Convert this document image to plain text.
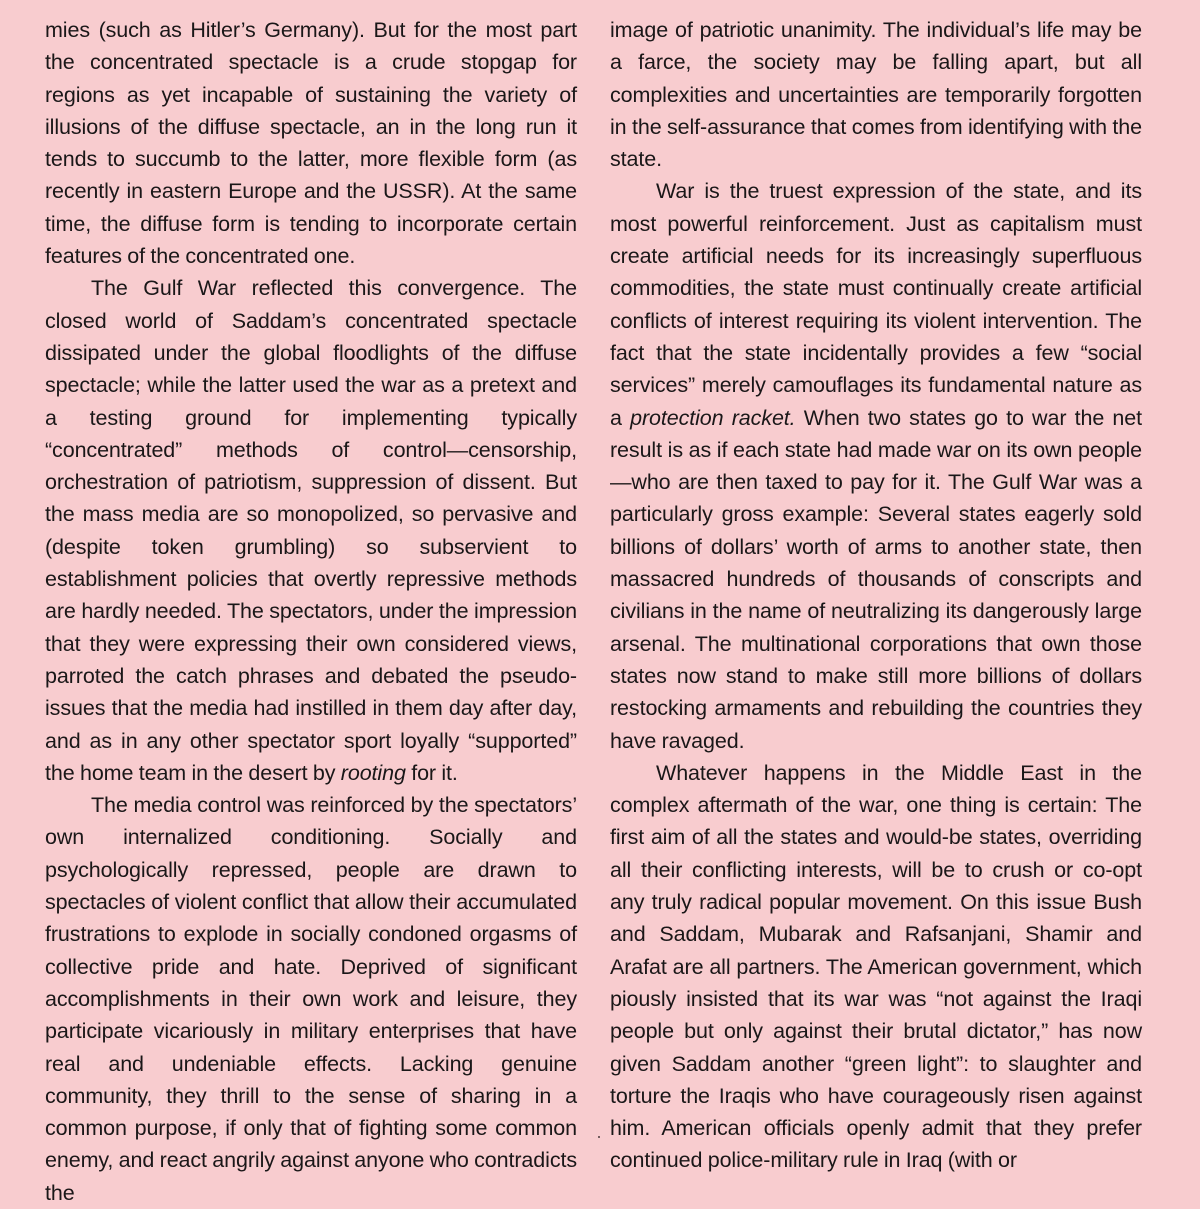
mies (such as Hitler’s Germany). But for the most part the concentrated spectacle is a crude stopgap for regions as yet incapable of sustaining the variety of illusions of the diffuse spectacle, an in the long run it tends to succumb to the latter, more flexible form (as recently in eastern Europe and the USSR). At the same time, the diffuse form is tending to incorporate certain features of the concentrated one.

The Gulf War reflected this convergence. The closed world of Saddam’s concentrated spectacle dissipated under the global floodlights of the diffuse spectacle; while the latter used the war as a pretext and a testing ground for implementing typically “concentrated” methods of control—censorship, orchestration of patriotism, suppression of dissent. But the mass media are so monopolized, so pervasive and (despite token grumbling) so subservient to establishment policies that overtly repressive methods are hardly needed. The spectators, under the impression that they were expressing their own considered views, parroted the catch phrases and debated the pseudo-issues that the media had instilled in them day after day, and as in any other spectator sport loyally “supported” the home team in the desert by rooting for it.

The media control was reinforced by the spectators’ own internalized conditioning. Socially and psychologically repressed, people are drawn to spectacles of violent conflict that allow their accumulated frustrations to explode in socially condoned orgasms of collective pride and hate. Deprived of significant accomplishments in their own work and leisure, they participate vicariously in military enterprises that have real and undeniable effects. Lacking genuine community, they thrill to the sense of sharing in a common purpose, if only that of fighting some common enemy, and react angrily against anyone who contradicts the

image of patriotic unanimity. The individual’s life may be a farce, the society may be falling apart, but all complexities and uncertainties are temporarily forgotten in the self-assurance that comes from identifying with the state.

War is the truest expression of the state, and its most powerful reinforcement. Just as capitalism must create artificial needs for its increasingly superfluous commodities, the state must continually create artificial conflicts of interest requiring its violent intervention. The fact that the state incidentally provides a few “social services” merely camouflages its fundamental nature as a protection racket. When two states go to war the net result is as if each state had made war on its own people—who are then taxed to pay for it. The Gulf War was a particularly gross example: Several states eagerly sold billions of dollars’ worth of arms to another state, then massacred hundreds of thousands of conscripts and civilians in the name of neutralizing its dangerously large arsenal. The multinational corporations that own those states now stand to make still more billions of dollars restocking armaments and rebuilding the countries they have ravaged.

Whatever happens in the Middle East in the complex aftermath of the war, one thing is certain: The first aim of all the states and would-be states, overriding all their conflicting interests, will be to crush or co-opt any truly radical popular movement. On this issue Bush and Saddam, Mubarak and Rafsanjani, Shamir and Arafat are all partners. The American government, which piously insisted that its war was “not against the Iraqi people but only against their brutal dictator,” has now given Saddam another “green light”: to slaughter and torture the Iraqis who have courageously risen against him. American officials openly admit that they prefer continued police-military rule in Iraq (with or
